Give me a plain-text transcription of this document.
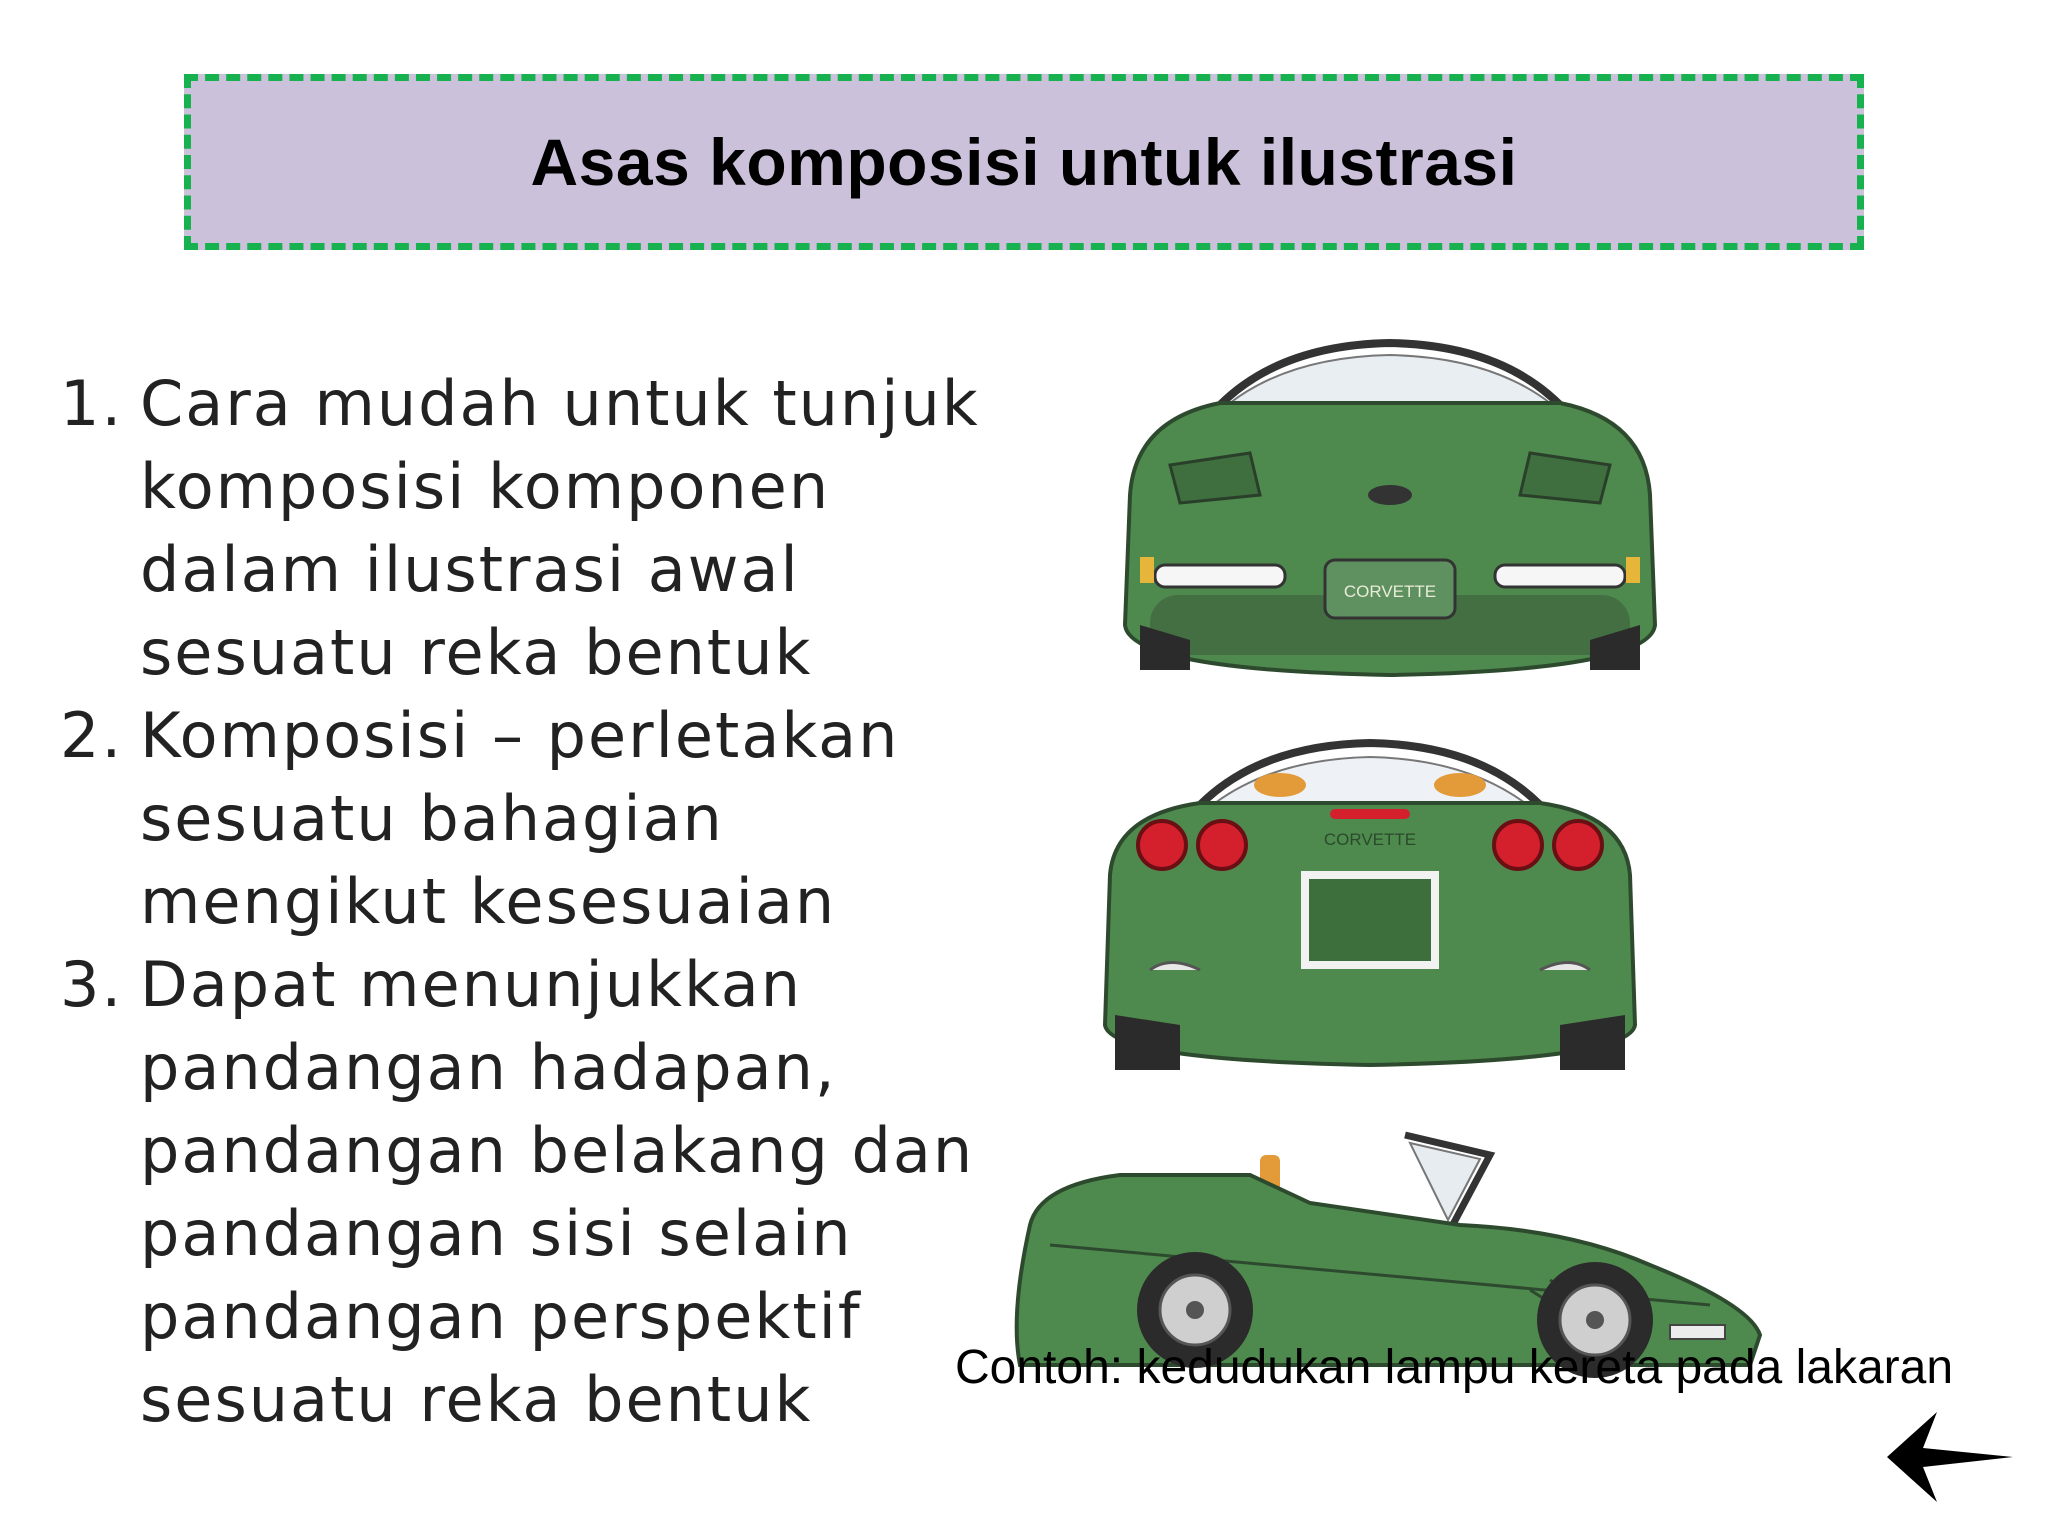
Asas komposisi untuk ilustrasi
1. Cara mudah untuk tunjuk
komposisi komponen
dalam ilustrasi awal
sesuatu reka bentuk
2. Komposisi – perletakan
sesuatu bahagian
mengikut kesesuaian
3. Dapat menunjukkan
pandangan hadapan,
pandangan belakang dan
pandangan sisi selain
pandangan perspektif
sesuatu reka bentuk
CORVETTE
CORVETTE
Contoh: kedudukan lampu kereta pada lakaran
